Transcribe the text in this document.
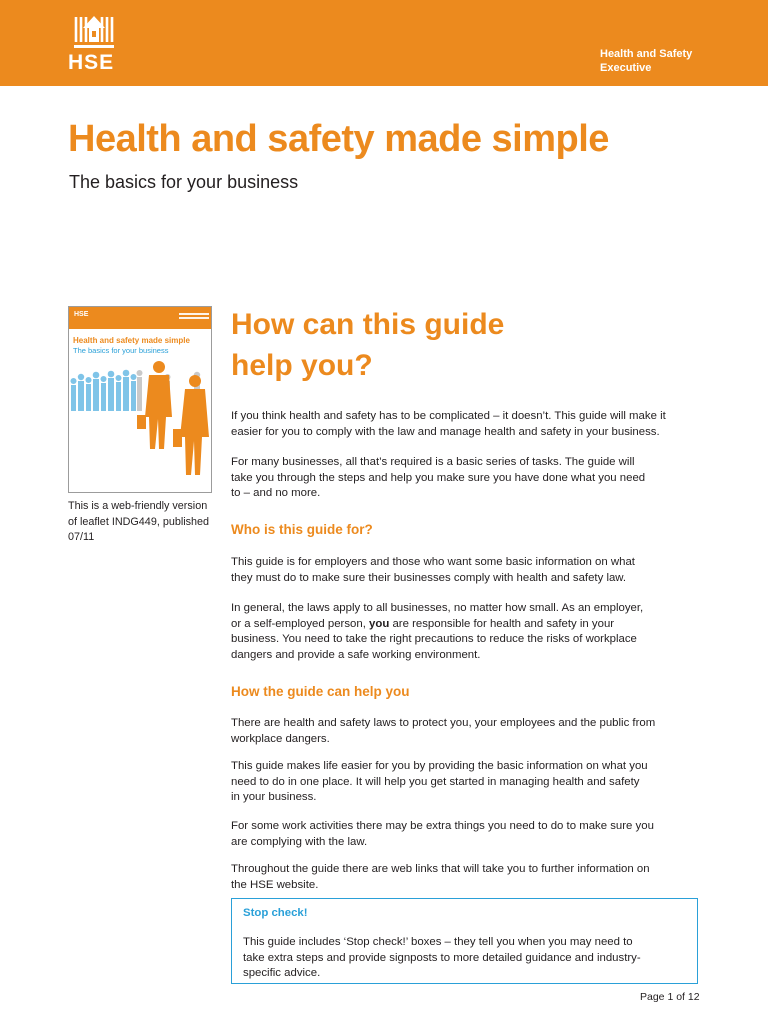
HSE	Health and Safety
Executive
Health and safety made simple
The basics for your business
HSE
Health and safety made simple
The basics for your business
This is a web-friendly version
of leaflet INDG449, published
07/11
How can this guide
help you?
If you think health and safety has to be complicated – it doesn’t. This guide will make it
easier for you to comply with the law and manage health and safety in your business.
For many businesses, all that’s required is a basic series of tasks. The guide will
take you through the steps and help you make sure you have done what you need
to – and no more.
Who is this guide for?
This guide is for employers and those who want some basic information on what
they must do to make sure their businesses comply with health and safety law.
In general, the laws apply to all businesses, no matter how small. As an employer,
or a self-employed person, you are responsible for health and safety in your
business. You need to take the right precautions to reduce the risks of workplace
dangers and provide a safe working environment.
How the guide can help you
There are health and safety laws to protect you, your employees and the public from
workplace dangers.
This guide makes life easier for you by providing the basic information on what you
need to do in one place. It will help you get started in managing health and safety
in your business.
For some work activities there may be extra things you need to do to make sure you
are complying with the law.
Throughout the guide there are web links that will take you to further information on
the HSE website.
Stop check!
This guide includes ‘Stop check!’ boxes – they tell you when you may need to
take extra steps and provide signposts to more detailed guidance and industry-
specific advice.
Page 1 of 12
